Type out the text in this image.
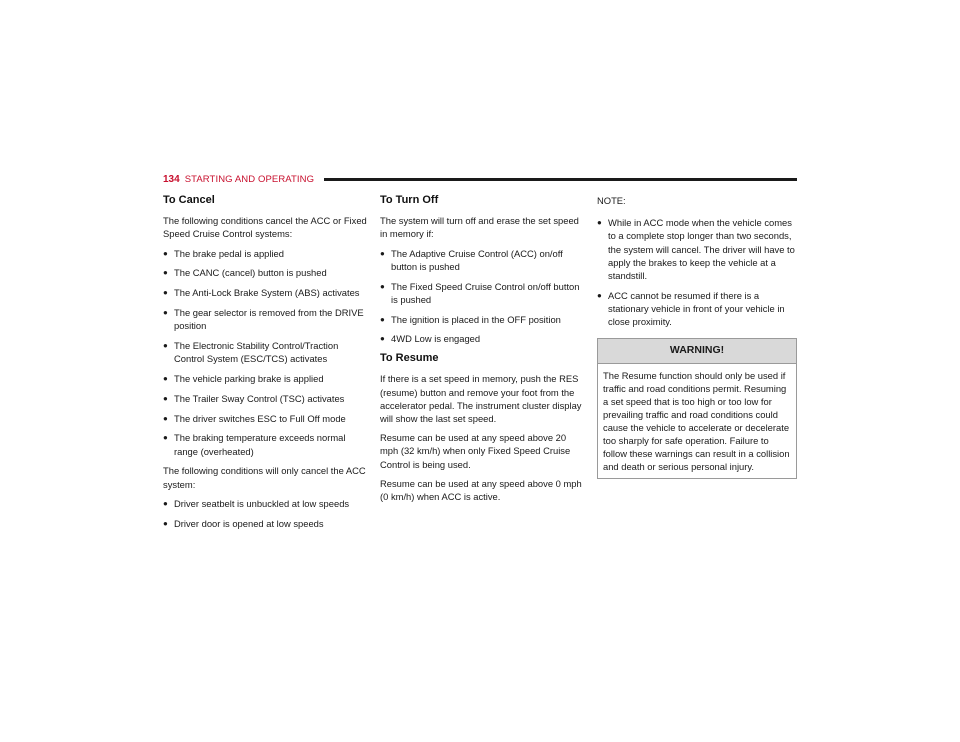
134 STARTING AND OPERATING
To Cancel

The following conditions cancel the ACC or Fixed Speed Cruise Control systems:

● The brake pedal is applied
● The CANC (cancel) button is pushed
● The Anti-Lock Brake System (ABS) activates
● The gear selector is removed from the DRIVE position
● The Electronic Stability Control/Traction Control System (ESC/TCS) activates
● The vehicle parking brake is applied
● The Trailer Sway Control (TSC) activates
● The driver switches ESC to Full Off mode
● The braking temperature exceeds normal range (overheated)

The following conditions will only cancel the ACC system:

● Driver seatbelt is unbuckled at low speeds
● Driver door is opened at low speeds
To Turn Off

The system will turn off and erase the set speed in memory if:

● The Adaptive Cruise Control (ACC) on/off button is pushed
● The Fixed Speed Cruise Control on/off button is pushed
● The ignition is placed in the OFF position
● 4WD Low is engaged
To Resume

If there is a set speed in memory, push the RES (resume) button and remove your foot from the accelerator pedal. The instrument cluster display will show the last set speed.

Resume can be used at any speed above 20 mph (32 km/h) when only Fixed Speed Cruise Control is being used.

Resume can be used at any speed above 0 mph (0 km/h) when ACC is active.

NOTE:

● While in ACC mode when the vehicle comes to a complete stop longer than two seconds, the system will cancel. The driver will have to apply the brakes to keep the vehicle at a standstill.
● ACC cannot be resumed if there is a stationary vehicle in front of your vehicle in close proximity.
WARNING!
The Resume function should only be used if traffic and road conditions permit. Resuming a set speed that is too high or too low for prevailing traffic and road conditions could cause the vehicle to accelerate or decelerate too sharply for safe operation. Failure to follow these warnings can result in a collision and death or serious personal injury.
